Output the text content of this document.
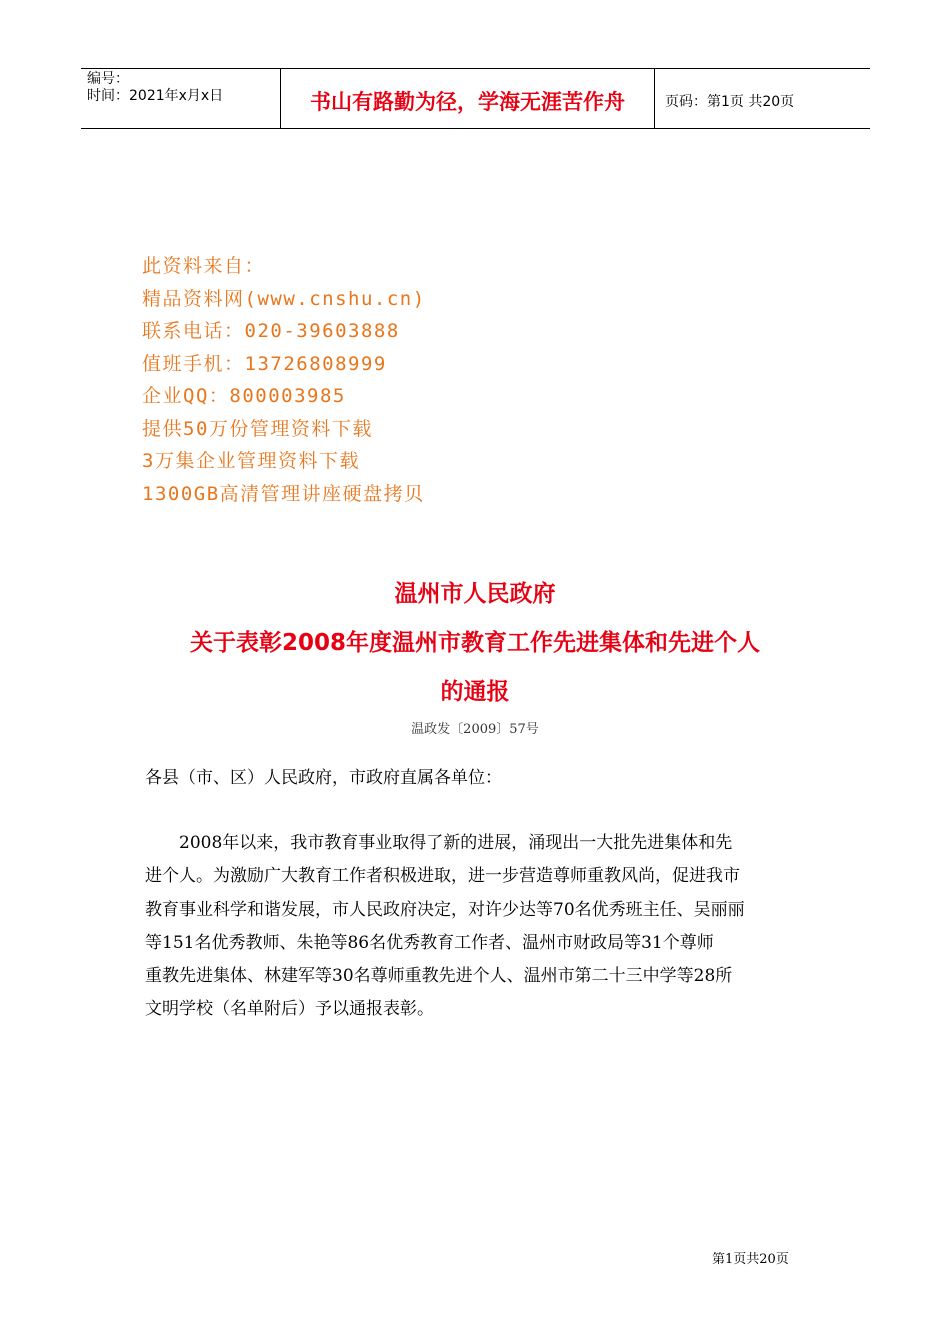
编号：
时间：2021年x月x日	书山有路勤为径，学海无涯苦作舟	页码：第1页 共20页
此资料来自：
精品资料网(www.cnshu.cn)
联系电话：020-39603888
值班手机：13726808999
企业QQ：800003985
提供50万份管理资料下载
3万集企业管理资料下载
1300GB高清管理讲座硬盘拷贝
温州市人民政府
关于表彰2008年度温州市教育工作先进集体和先进个人
的通报
温政发〔2009〕57号
各县（市、区）人民政府，市政府直属各单位：
　　2008年以来，我市教育事业取得了新的进展，涌现出一大批先进集体和先
进个人。为激励广大教育工作者积极进取，进一步营造尊师重教风尚，促进我市
教育事业科学和谐发展，市人民政府决定，对许少达等70名优秀班主任、吴丽丽
等151名优秀教师、朱艳等86名优秀教育工作者、温州市财政局等31个尊师
重教先进集体、林建军等30名尊师重教先进个人、温州市第二十三中学等28所
文明学校（名单附后）予以通报表彰。
第1页共20页
